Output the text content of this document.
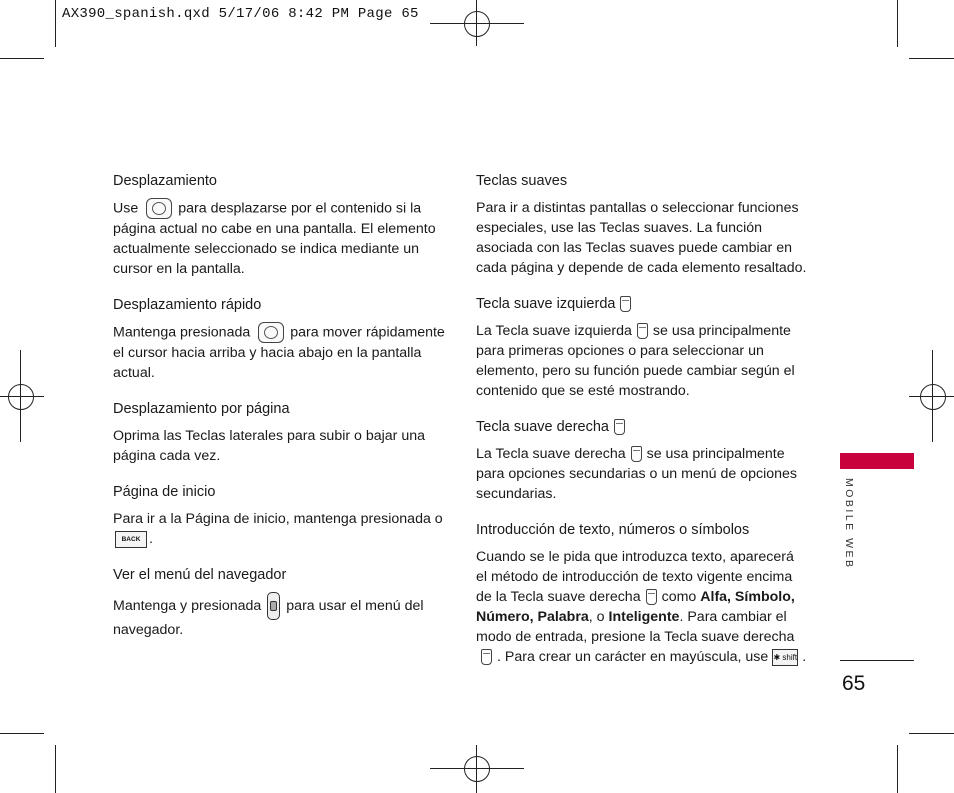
AX390_spanish.qxd 5/17/06 8:42 PM Page 65
Desplazamiento

Use	para desplazarse por el contenido si la página actual no cabe en una pantalla. El elemento actualmente seleccionado se indica mediante un cursor en la pantalla.

Desplazamiento rápido

Mantenga presionada	para mover rápidamente el cursor hacia arriba y hacia abajo en la pantalla actual.

Desplazamiento por página

Oprima las Teclas laterales para subir o bajar una página cada vez.

Página de inicio

Para ir a la Página de inicio, mantenga presionada o BACK .

Ver el menú del navegador

Mantenga y presionada para usar el menú del navegador.

Teclas suaves

Para ir a distintas pantallas o seleccionar funciones especiales, use las Teclas suaves. La función asociada con las Teclas suaves puede cambiar en cada página y depende de cada elemento resaltado.

Tecla suave izquierda

La Tecla suave izquierda se usa principalmente para primeras opciones o para seleccionar un elemento, pero su función puede cambiar según el contenido que se esté mostrando.

Tecla suave derecha

La Tecla suave derecha se usa principalmente para opciones secundarias o un menú de opciones secundarias.

Introducción de texto, números o símbolos

Cuando se le pida que introduzca texto, aparecerá el método de introducción de texto vigente encima de la Tecla suave derecha como Alfa, Símbolo, Número, Palabra, o Inteligente. Para cambiar el modo de entrada, presione la Tecla suave derecha. Para crear un carácter en mayúscula, use ✱ shift .

MOBILE WEB
65
